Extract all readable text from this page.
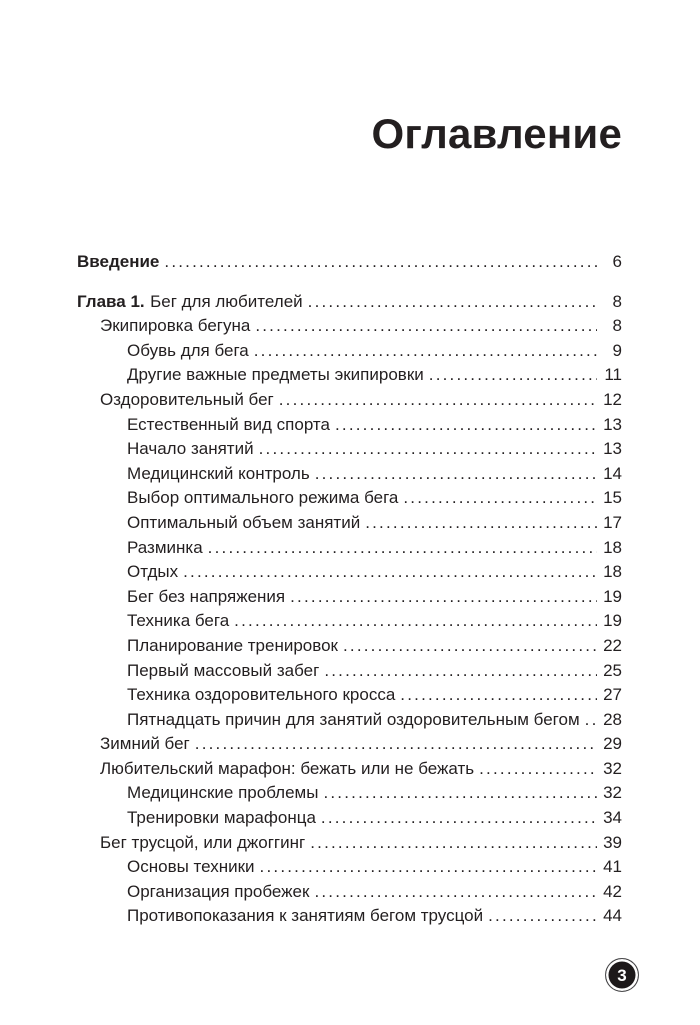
Оглавление
Введение .....	6
Глава 1. Бег для любителей .....	8
Экипировка бегуна .....	8
Обувь для бега .....	9
Другие важные предметы экипировки .....	11
Оздоровительный бег .....	12
Естественный вид спорта .....	13
Начало занятий .....	13
Медицинский контроль .....	14
Выбор оптимального режима бега .....	15
Оптимальный объем занятий .....	17
Разминка .....	18
Отдых .....	18
Бег без напряжения .....	19
Техника бега .....	19
Планирование тренировок .....	22
Первый массовый забег .....	25
Техника оздоровительного кросса .....	27
Пятнадцать причин для занятий оздоровительным бегом ..... 28
Зимний бег .....	29
Любительский марафон: бежать или не бежать .....	32
Медицинские проблемы .....	32
Тренировки марафонца .....	34
Бег трусцой, или джоггинг .....	39
Основы техники .....	41
Организация пробежек .....	42
Противопоказания к занятиям бегом трусцой .....	44
3
